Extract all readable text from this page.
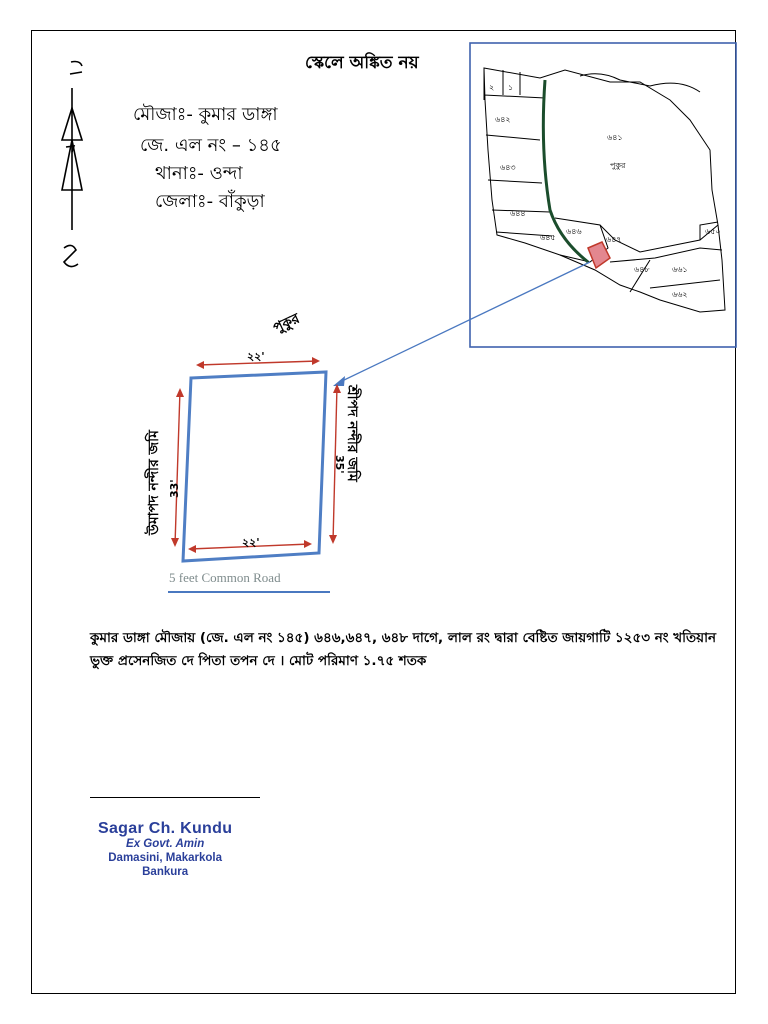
স্কেলে অঙ্কিত নয়
মৌজাঃ- কুমার ডাঙ্গা
জে. এল নং – ১৪৫
থানাঃ- ওন্দা
জেলাঃ- বাঁকুড়া
২ ১
৬৪২
৬৪১
পুকুর
৬৪৩
৬৪৪
৬৪৫
৬৪৬
৬৪৭
৬৫০
৬৬১
৬৬২
৬৪৮
২২'
২২'
33'
35'
পুকুর
উমাপদ নন্দীর জমি	শ্রীপদ নন্দীর জমি
5 feet Common Road
কুমার ডাঙ্গা মৌজায় (জে. এল নং ১৪৫) ৬৪৬,৬৪৭, ৬৪৮ দাগে, লাল রং দ্বারা বেষ্টিত জায়গাটি ১২৫৩ নং খতিয়ান ভুক্ত প্রসেনজিত দে পিতা তপন দে । মোট পরিমাণ ১.৭৫ শতক
Sagar Ch. Kundu
Ex Govt. Amin
Damasini, Makarkola
Bankura
